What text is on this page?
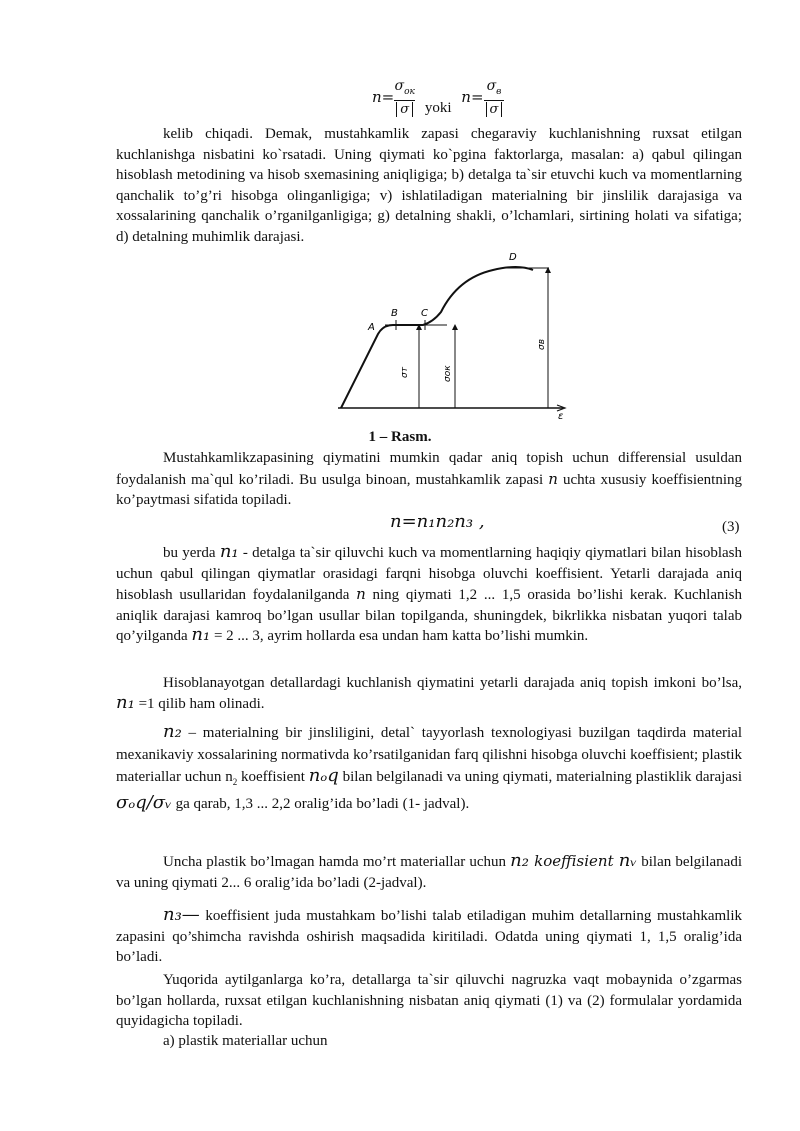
$n= \frac{\sigma_{ок}}{\sigma}$ yoki $n= \frac{\sigma_в}{\sigma}$
kelib chiqadi. Demak, mustahkamlik zapasi chegaraviy kuchlanishning ruxsat etilgan kuchlanishga nisbatini ko`rsatadi. Uning qiymati ko`pgina faktorlarga, masalan: a) qabul qilingan hisoblash metodining va hisob sxemasining aniqligiga; b) detalga ta`sir etuvchi kuch va momentlarning qanchalik to’g’ri hisobga olinganligiga; v) ishlatiladigan materialning bir jinslilik darajasiga va xossalarining qanchalik o’rganilganligiga; g) detalning shakli, o’lchamlari, sirtining holati va sifatiga; d) detalning muhimlik darajasi.
A
B C
D
ε
σт	σок
σв
1 – Rasm.
Mustahkamlikzapasining qiymatini mumkin qadar aniq topish uchun differensial usuldan foydalanish ma`qul ko’riladi. Bu usulga binoan, mustahkamlik zapasi n uchta xususiy koeffisientning ko’paytmasi sifatida topiladi.
n=n₁n₂n₃ ,	(3)
bu yerda n₁ - detalga ta`sir qiluvchi kuch va momentlarning haqiqiy qiymatlari bilan hisoblash uchun qabul qilingan qiymatlar orasidagi farqni hisobga oluvchi koeffisient. Yetarli darajada aniq hisoblash usullaridan foydalanilganda n ning qiymati 1,2 ... 1,5 orasida bo’lishi kerak. Kuchlanish aniqlik darajasi kamroq bo’lgan usullar bilan topilganda, shuningdek, bikrlikka nisbatan yuqori talab qo’yilganda n₁ = 2 ... 3, ayrim hollarda esa undan ham katta bo’lishi mumkin.
Hisoblanayotgan detallardagi kuchlanish qiymatini yetarli darajada aniq topish imkoni bo’lsa, n₁ =1 qilib ham olinadi.
n₂ – materialning bir jinsliligini, detal` tayyorlash texnologiyasi buzilgan taqdirda material mexanikaviy xossalarining normativda ko’rsatilganidan farq qilishni hisobga oluvchi koeffisient; plastik materiallar uchun $n_2$ koeffisient nₒq bilan belgilanadi va uning qiymati, materialning plastiklik darajasi σₒq/σᵥ ga qarab, 1,3 ... 2,2 oralig’ida bo’ladi (1- jadval).
Uncha plastik bo’lmagan hamda mo’rt materiallar uchun n₂ koeffisient nᵥ bilan belgilanadi va uning qiymati 2... 6 oralig’ida bo’ladi (2-jadval).
n₃— koeffisient juda mustahkam bo’lishi talab etiladigan muhim detallarning mustahkamlik zapasini qo’shimcha ravishda oshirish maqsadida kiritiladi. Odatda uning qiymati 1, 1,5 oralig’ida bo’ladi.
Yuqorida aytilganlarga ko’ra, detallarga ta`sir qiluvchi nagruzka vaqt mobaynida o’zgarmas bo’lgan hollarda, ruxsat etilgan kuchlanishning nisbatan aniq qiymati (1) va (2) formulalar yordamida quyidagicha topiladi.
a) plastik materiallar uchun
